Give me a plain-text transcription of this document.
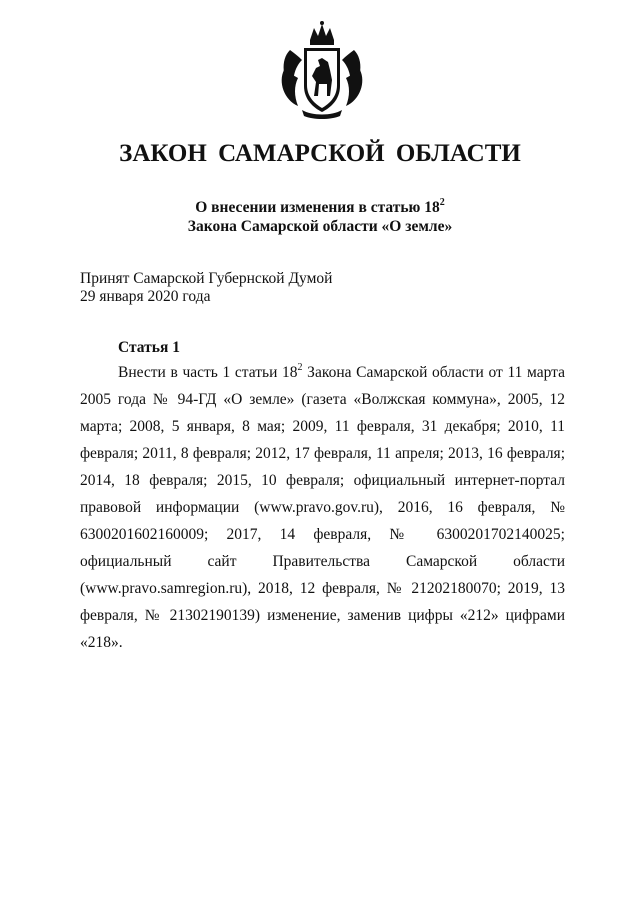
ЗАКОН САМАРСКОЙ ОБЛАСТИ
О внесении изменения в статью $18^2$
Закона Самарской области «О земле»
Принят Самарской Губернской Думой
29 января 2020 года
Статья 1

Внести в часть 1 статьи $18^2$ Закона Самарской области от 11 марта 2005 года № 94-ГД «О земле» (газета «Волжская коммуна», 2005, 12 марта; 2008, 5 января, 8 мая; 2009, 11 февраля, 31 декабря; 2010, 11 февраля; 2011, 8 февраля; 2012, 17 февраля, 11 апреля; 2013, 16 февраля; 2014, 18 февраля; 2015, 10 февраля; официальный интернет-портал правовой информации (www.pravo.gov.ru), 2016, 16 февраля, № 6300201602160009; 2017, 14 февраля, № 6300201702140025; официальный сайт Правительства Самарской области (www.pravo.samregion.ru), 2018, 12 февраля, № 21202180070; 2019, 13 февраля, № 21302190139) изменение, заменив цифры «212» цифрами «218».
